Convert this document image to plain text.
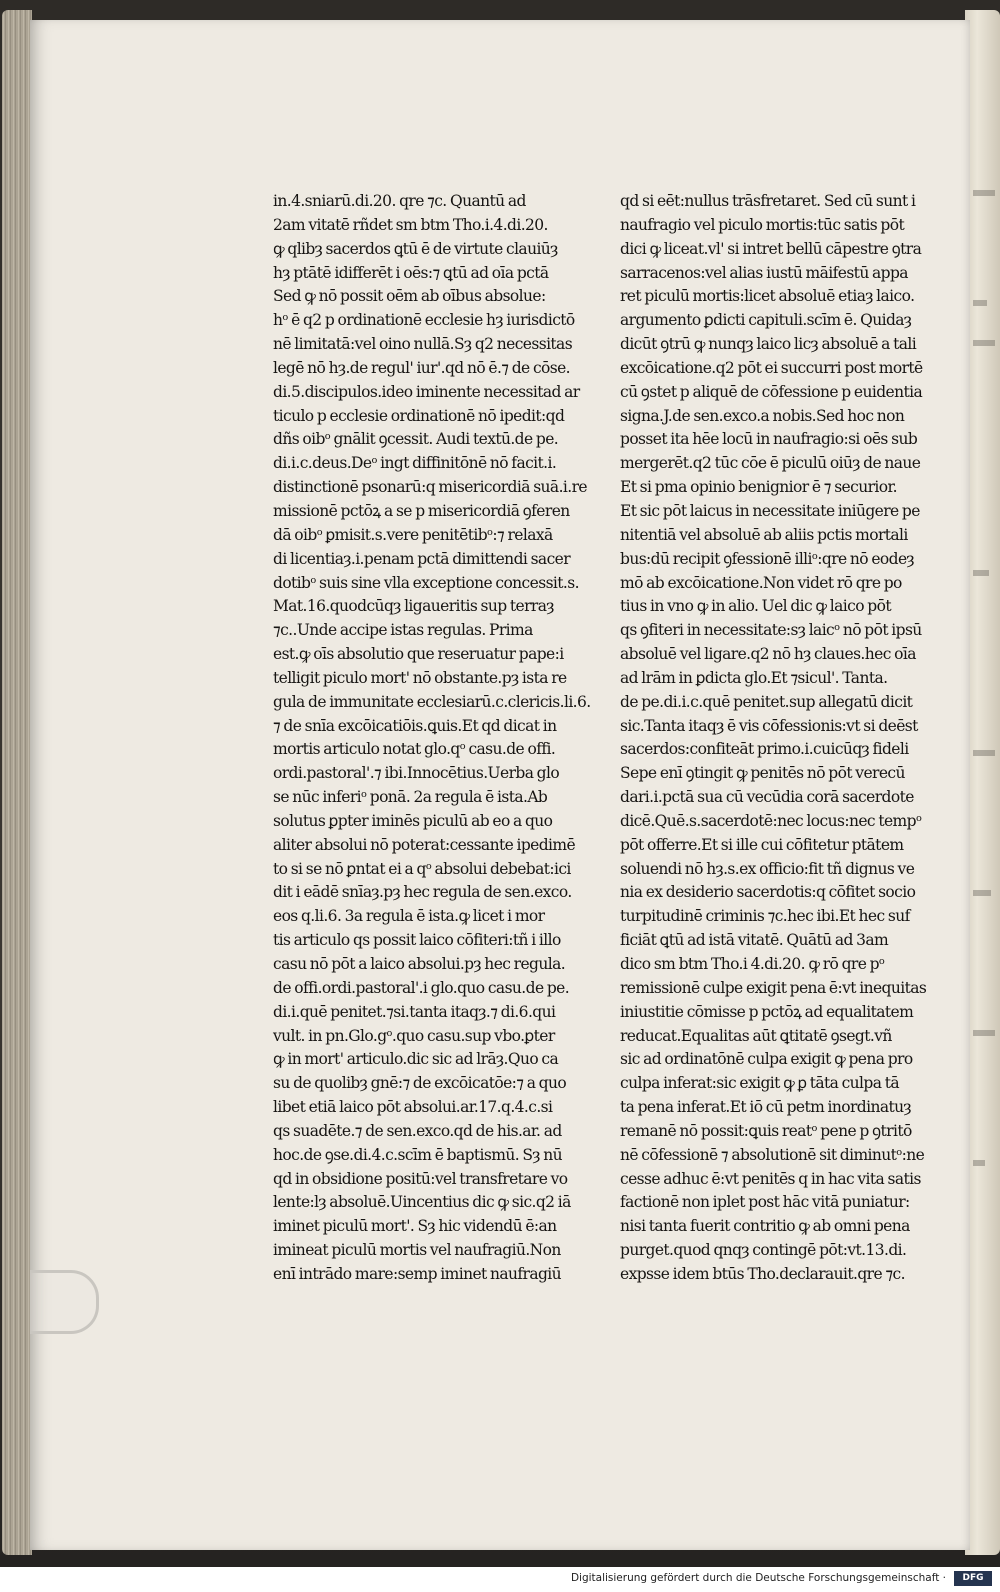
in.4.sniarū.di.20. qre ⁊c. Quantū ad
2am vitatē rñdet sm btm Tho.i.4.di.20.
ꝙ qlibȝ sacerdos ꝗtū ē de virtute clauiūȝ
hȝ ptātē idifferēt i oēs:⁊ ꝗtū ad oīa pctā
Sed ꝙ nō possit oēm ab oībus absolue:
hᵒ ē q2 p ordinationē ecclesie hȝ iurisdictō
nē limitatā:vel oino nullā.Sȝ q2 necessitas
legē nō hȝ.de regul' iur'.qd nō ē.⁊ de cōse.
di.5.discipulos.ideo iminente necessitad ar
ticulo p ecclesie ordinationē nō ipedit:qd
dñs oibᵒ gnālit ꝯcessit. Audi textū.de pe.
di.i.c.deus.Deᵒ ingt diffinitōnē nō facit.i.
distinctionē psonarū:q misericordiā suā.i.re
missionē pctōꝝ a se p misericordiā ꝯferen
dā oibᵒ ꝑmisit.s.vere penitētibᵒ:⁊ relaxā
di licentiaȝ.i.penam pctā dimittendi sacer
dotibᵒ suis sine vlla exceptione concessit.s.
Mat.16.quodcūqȝ ligaueritis sup terraȝ
⁊c..Unde accipe istas regulas. Prima
est.ꝙ oīs absolutio que reseruatur pape:i
telligit piculo mort' nō obstante.pȝ ista re
gula de immunitate ecclesiarū.c.clericis.li.6.
⁊ de snīa excōicatiōis.ꝗuis.Et qd dicat in
mortis articulo notat glo.qᵒ casu.de offi.
ordi.pastoral'.⁊ ibi.Innocētius.Uerba glo
se nūc inferiᵒ ponā. 2a regula ē ista.Ab
solutus ꝑpter iminēs piculū ab eo a quo
aliter absolui nō poterat:cessante ipedimē
to si se nō ꝑntat ei a qᵒ absolui debebat:ici
dit i eādē snīaȝ.pȝ hec regula de sen.exco.
eos q.li.6. 3a regula ē ista.ꝙ licet i mor
tis articulo qs possit laico cōfiteri:tñ i illo
casu nō pōt a laico absolui.pȝ hec regula.
de offi.ordi.pastoral'.i glo.quo casu.de pe.
di.i.quē penitet.⁊si.tanta itaqȝ.⁊ di.6.qui
vult. in pn.Glo.gᵒ.quo casu.sup vbo.ꝑter
ꝙ in mort' articulo.dic sic ad lrāȝ.Quo ca
su de quolibȝ gnē:⁊ de excōicatōe:⁊ a quo
libet etiā laico pōt absolui.ar.17.q.4.c.si
qs suadēte.⁊ de sen.exco.qd de his.ar. ad
hoc.de ꝯse.di.4.c.scīm ē baptismū. Sȝ nū
qd in obsidione positū:vel transfretare vo
lente:lȝ absoluē.Uincentius dic ꝙ sic.q2 iā
iminet piculū mort'. Sȝ hic videndū ē:an
imineat piculū mortis vel naufragiū.Non
enī intrādo mare:semp iminet naufragiū
qd si eēt:nullus trāsfretaret. Sed cū sunt i
naufragio vel piculo mortis:tūc satis pōt
dici ꝙ liceat.vl' si intret bellū cāpestre ꝯtra
sarracenos:vel alias iustū māifestū appa
ret piculū mortis:licet absoluē etiaȝ laico.
argumento ꝑdicti capituli.scīm ē. Quidaȝ
dicūt ꝯtrū ꝙ nunqȝ laico licȝ absoluē a tali
excōicatione.q2 pōt ei succurri post mortē
cū ꝯstet p aliquē de cōfessione p euidentia
signa.J.de sen.exco.a nobis.Sed hoc non
posset ita hēe locū in naufragio:si oēs sub
mergerēt.q2 tūc cōe ē piculū oiūȝ de naue
Et si pma opinio benignior ē ⁊ securior.
Et sic pōt laicus in necessitate iniūgere pe
nitentiā vel absoluē ab aliis pctis mortali
bus:dū recipit ꝯfessionē illiᵒ:qre nō eodeȝ
mō ab excōicatione.Non videt rō qre po
tius in vno ꝙ in alio. Uel dic ꝙ laico pōt
qs ꝯfiteri in necessitate:sȝ laicᵒ nō pōt ipsū
absoluē vel ligare.q2 nō hȝ claues.hec oīa
ad lrām in ꝑdicta glo.Et ⁊sicul'. Tanta.
de pe.di.i.c.quē penitet.sup allegatū dicit
sic.Tanta itaqȝ ē vis cōfessionis:vt si deēst
sacerdos:confiteāt primo.i.cuicūqȝ fideli
Sepe enī ꝯtingit ꝙ penitēs nō pōt verecū
dari.i.pctā sua cū vecūdia corā sacerdote
dicē.Quē.s.sacerdotē:nec locus:nec tempᵒ
pōt offerre.Et si ille cui cōfitetur ptātem
soluendi nō hȝ.s.ex officio:fit tñ dignus ve
nia ex desiderio sacerdotis:q cōfitet socio
turpitudinē criminis ⁊c.hec ibi.Et hec suf
ficiāt ꝗtū ad istā vitatē. Quātū ad 3am
dico sm btm Tho.i 4.di.20. ꝙ rō qre pᵒ
remissionē culpe exigit pena ē:vt inequitas
iniustitie cōmisse p pctōꝝ ad equalitatem
reducat.Equalitas aūt ꝗtitatē ꝯsegt.vñ
sic ad ordinatōnē culpa exigit ꝙ pena pro
culpa inferat:sic exigit ꝙ ꝑ tāta culpa tā
ta pena inferat.Et iō cū petm inordinatuȝ
remanē nō possit:ꝗuis reatᵒ pene p ꝯtritō
nē cōfessionē ⁊ absolutionē sit diminutᵒ:ne
cesse adhuc ē:vt penitēs q in hac vita satis
factionē non iplet post hāc vitā puniatur:
nisi tanta fuerit contritio ꝙ ab omni pena
purget.quod qnqȝ contingē pōt:vt.13.di.
expsse idem btūs Tho.declarauit.qre ⁊c.
Digitalisierung gefördert durch die Deutsche Forschungsgemeinschaft ·	DFG
